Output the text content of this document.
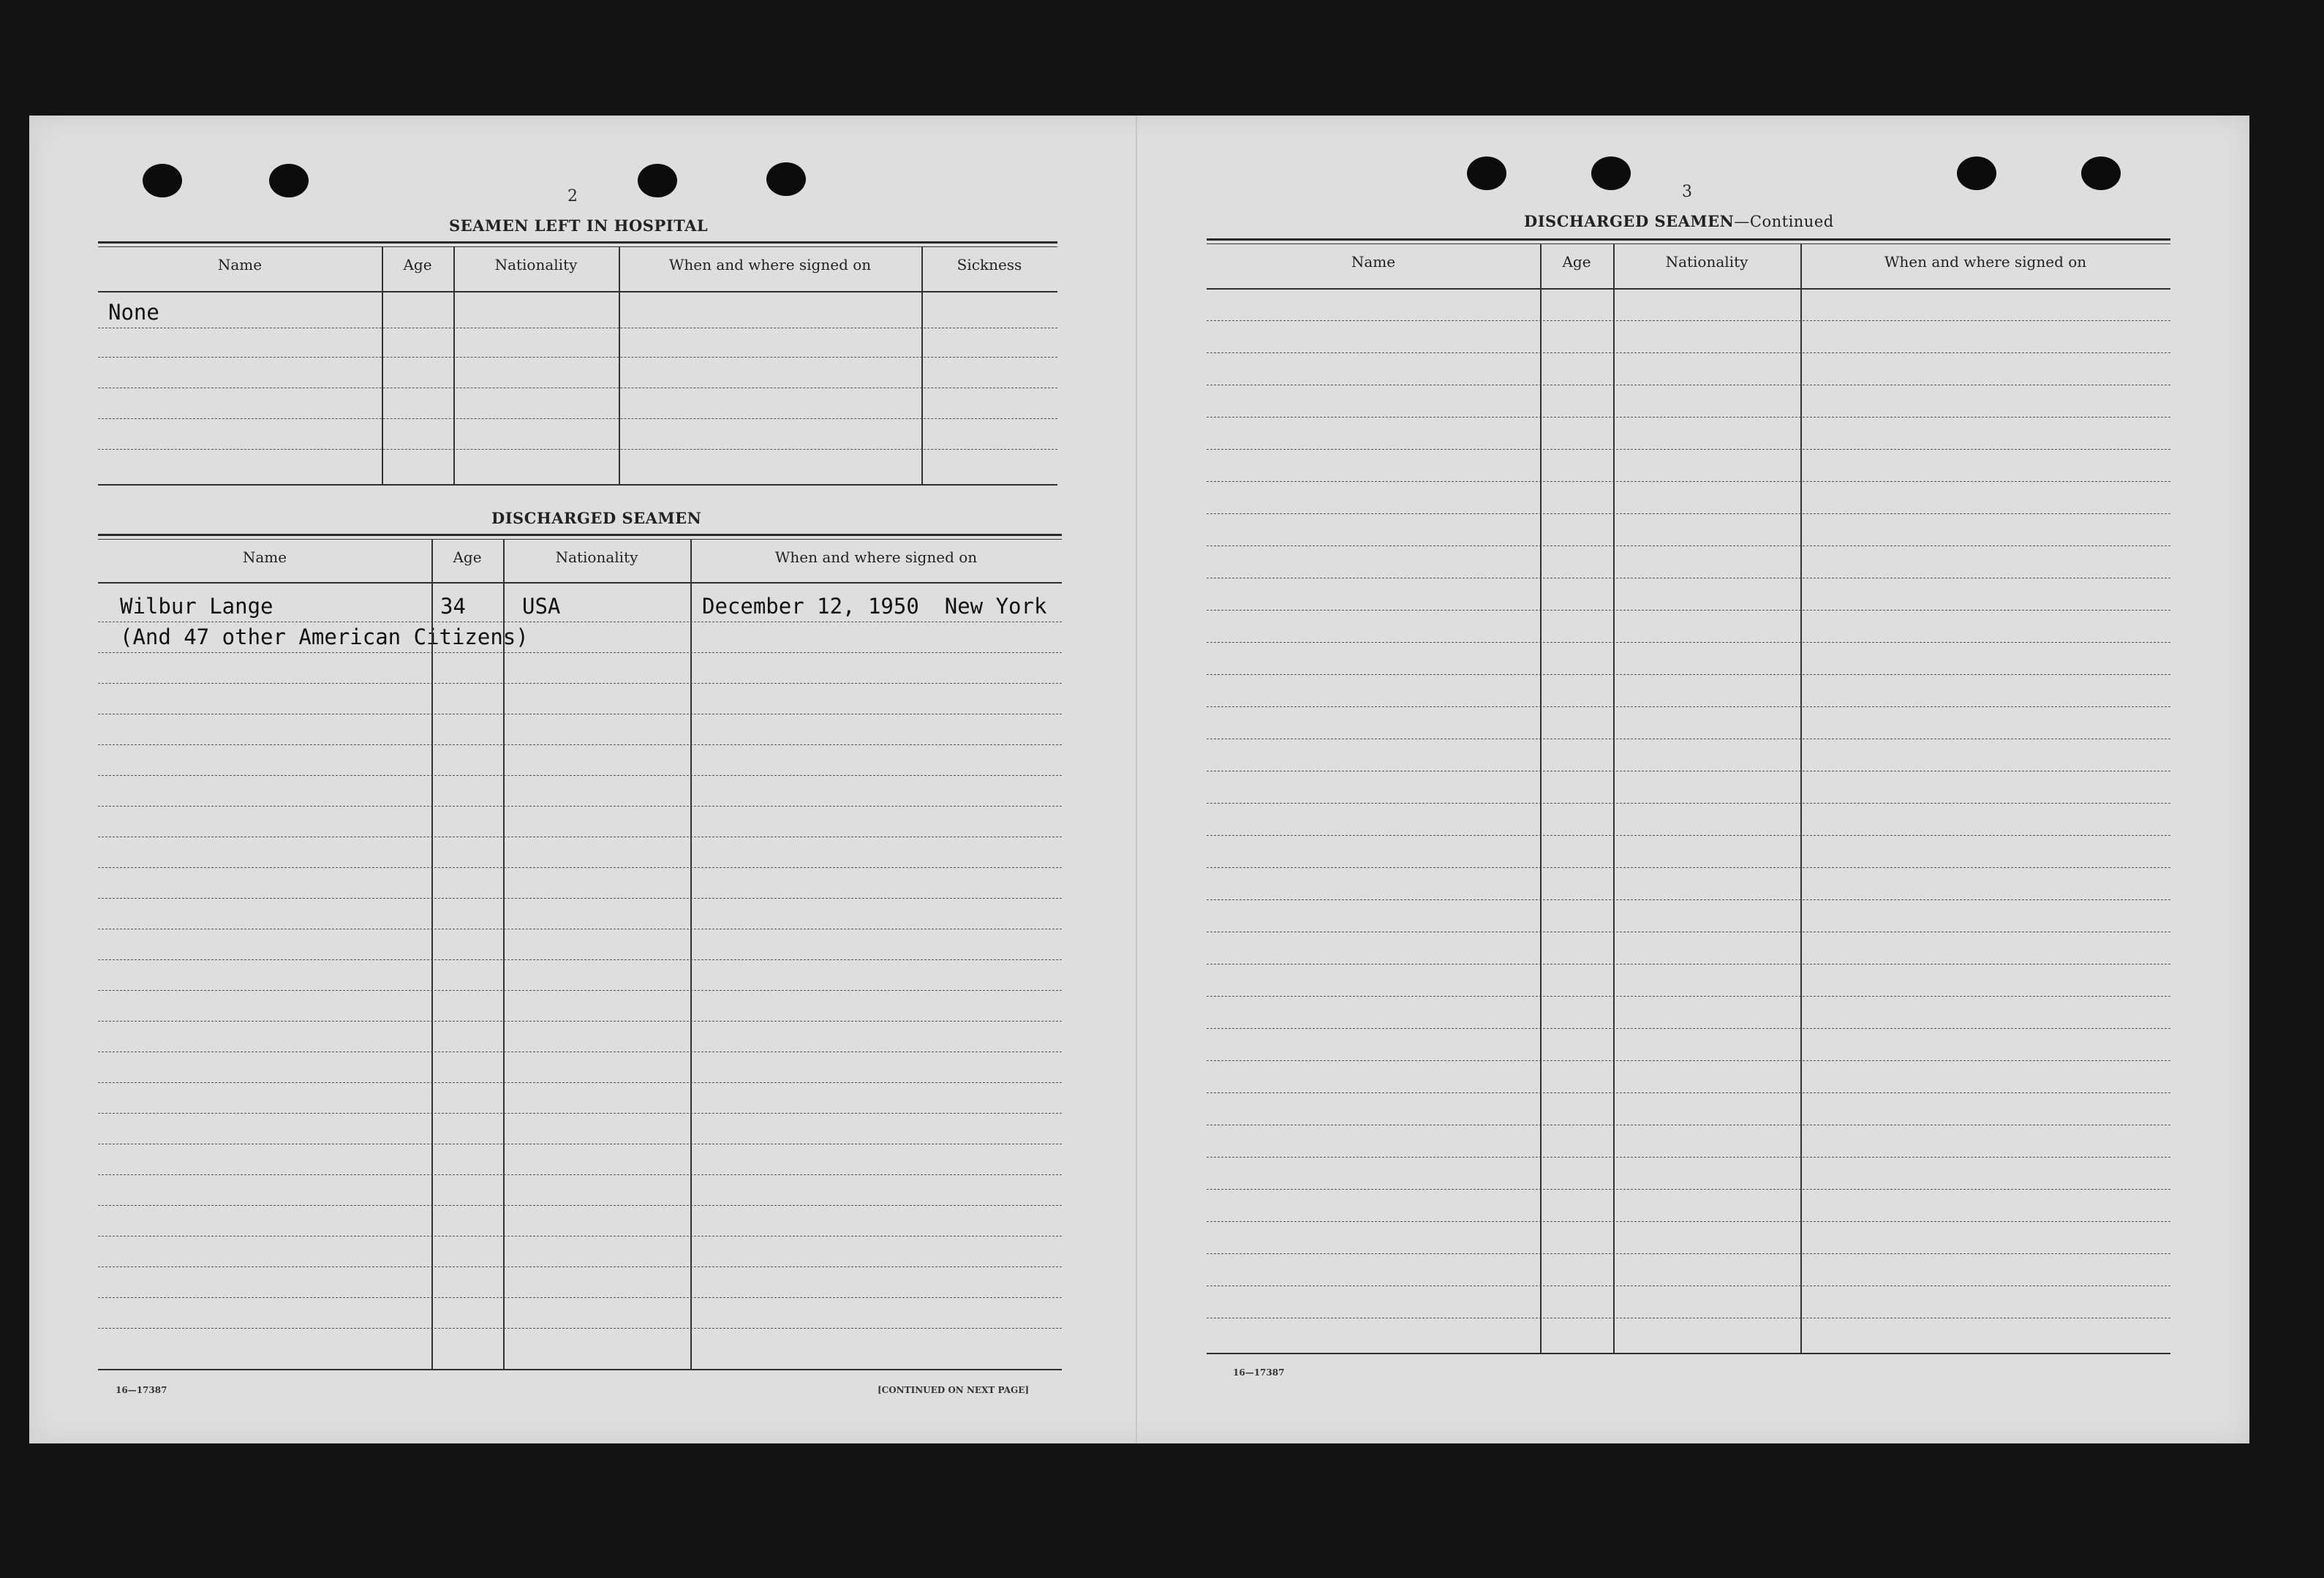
2
SEAMEN LEFT IN HOSPITAL
Name	Age	Nationality	When and where signed on	Sickness
None
DISCHARGED SEAMEN
Name	Age	Nationality	When and where signed on
Wilbur Lange	34	USA	December 12, 1950  New York
(And 47 other American Citizens)
16—17387	[CONTINUED ON NEXT PAGE]
3
DISCHARGED SEAMEN—Continued
Name	Age	Nationality	When and where signed on
16—17387
